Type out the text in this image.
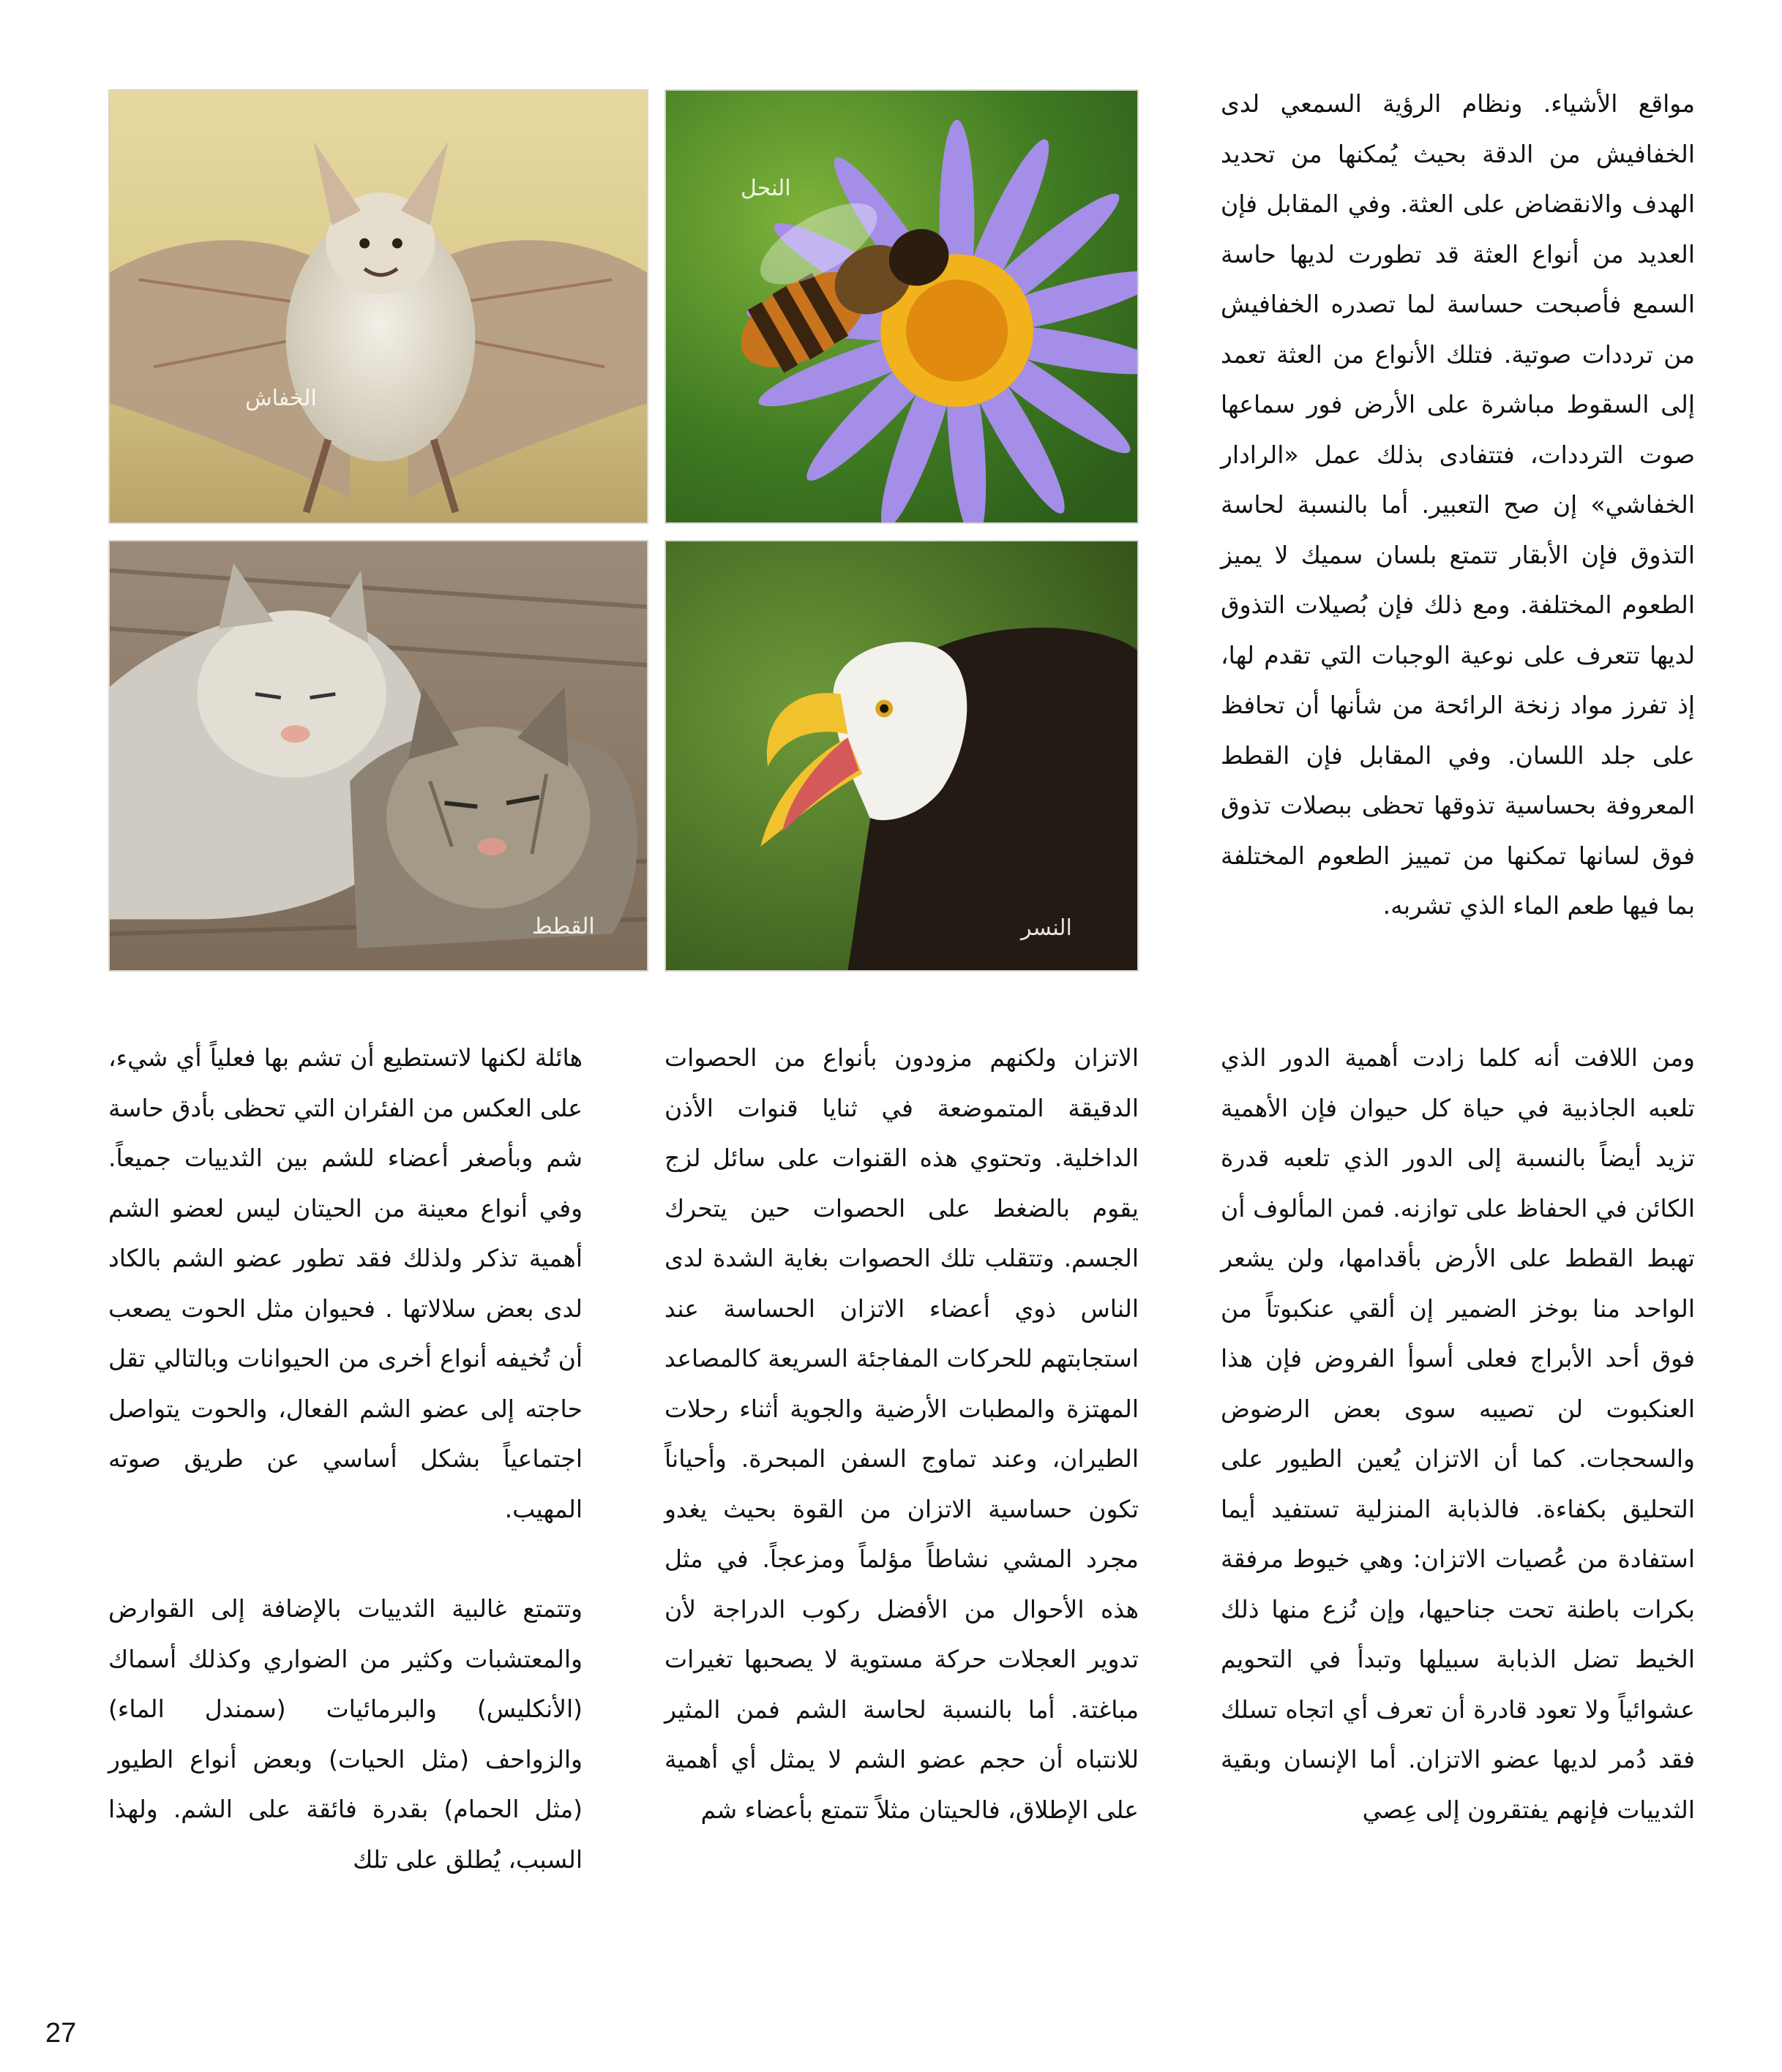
الخفاش
النحل
القطط	النسر

مواقع الأشياء. ونظام الرؤية السمعي لدى الخفافيش من الدقة بحيث يُمكنها من تحديد الهدف والانقضاض على العثة. وفي المقابل فإن العديد من أنواع العثة قد تطورت لديها حاسة السمع فأصبحت حساسة لما تصدره الخفافيش من ترددات صوتية. فتلك الأنواع من العثة تعمد إلى السقوط مباشرة على الأرض فور سماعها صوت الترددات، فتتفادى بذلك عمل «الرادار الخفاشي» إن صح التعبير. أما بالنسبة لحاسة التذوق فإن الأبقار تتمتع بلسان سميك لا يميز الطعوم المختلفة. ومع ذلك فإن بُصيلات التذوق لديها تتعرف على نوعية الوجبات التي تقدم لها، إذ تفرز مواد زنخة الرائحة من شأنها أن تحافظ على جلد اللسان. وفي المقابل فإن القطط المعروفة بحساسية تذوقها تحظى ببصلات تذوق فوق لسانها تمكنها من تمييز الطعوم المختلفة بما فيها طعم الماء الذي تشربه.

ومن اللافت أنه كلما زادت أهمية الدور الذي تلعبه الجاذبية في حياة كل حيوان فإن الأهمية تزيد أيضاً بالنسبة إلى الدور الذي تلعبه قدرة الكائن في الحفاظ على توازنه. فمن المألوف أن تهبط القطط على الأرض بأقدامها، ولن يشعر الواحد منا بوخز الضمير إن ألقي عنكبوتاً من فوق أحد الأبراج فعلى أسوأ الفروض فإن هذا العنكبوت لن تصيبه سوى بعض الرضوض والسحجات. كما أن الاتزان يُعين الطيور على التحليق بكفاءة. فالذبابة المنزلية تستفيد أيما استفادة من عُصيات الاتزان: وهي خيوط مرفقة بكرات باطنة تحت جناحيها، وإن نُزع منها ذلك الخيط تضل الذبابة سبيلها وتبدأ في التحويم عشوائياً ولا تعود قادرة أن تعرف أي اتجاه تسلك فقد دُمر لديها عضو الاتزان. أما الإنسان وبقية الثدييات فإنهم يفتقرون إلى عِصي

الاتزان ولكنهم مزودون بأنواع من الحصوات الدقيقة المتموضعة في ثنايا قنوات الأذن الداخلية. وتحتوي هذه القنوات على سائل لزج يقوم بالضغط على الحصوات حين يتحرك الجسم. وتتقلب تلك الحصوات بغاية الشدة لدى الناس ذوي أعضاء الاتزان الحساسة عند استجابتهم للحركات المفاجئة السريعة كالمصاعد المهتزة والمطبات الأرضية والجوية أثناء رحلات الطيران، وعند تماوج السفن المبحرة. وأحياناً تكون حساسية الاتزان من القوة بحيث يغدو مجرد المشي نشاطاً مؤلماً ومزعجاً. في مثل هذه الأحوال من الأفضل ركوب الدراجة لأن تدوير العجلات حركة مستوية لا يصحبها تغيرات مباغتة. أما بالنسبة لحاسة الشم فمن المثير للانتباه أن حجم عضو الشم لا يمثل أي أهمية على الإطلاق، فالحيتان مثلاً تتمتع بأعضاء شم

هائلة لكنها لاتستطيع أن تشم بها فعلياً أي شيء، على العكس من الفئران التي تحظى بأدق حاسة شم وبأصغر أعضاء للشم بين الثدييات جميعاً. وفي أنواع معينة من الحيتان ليس لعضو الشم أهمية تذكر ولذلك فقد تطور عضو الشم بالكاد لدى بعض سلالاتها . فحيوان مثل الحوت يصعب أن تُخيفه أنواع أخرى من الحيوانات وبالتالي تقل حاجته إلى عضو الشم الفعال، والحوت يتواصل اجتماعياً بشكل أساسي عن طريق صوته المهيب.

وتتمتع غالبية الثدييات بالإضافة إلى القوارض والمعتشبات وكثير من الضواري وكذلك أسماك (الأنكليس) والبرمائيات (سمندل الماء) والزواحف (مثل الحيات) وبعض أنواع الطيور (مثل الحمام) بقدرة فائقة على الشم. ولهذا السبب، يُطلق على تلك

27
